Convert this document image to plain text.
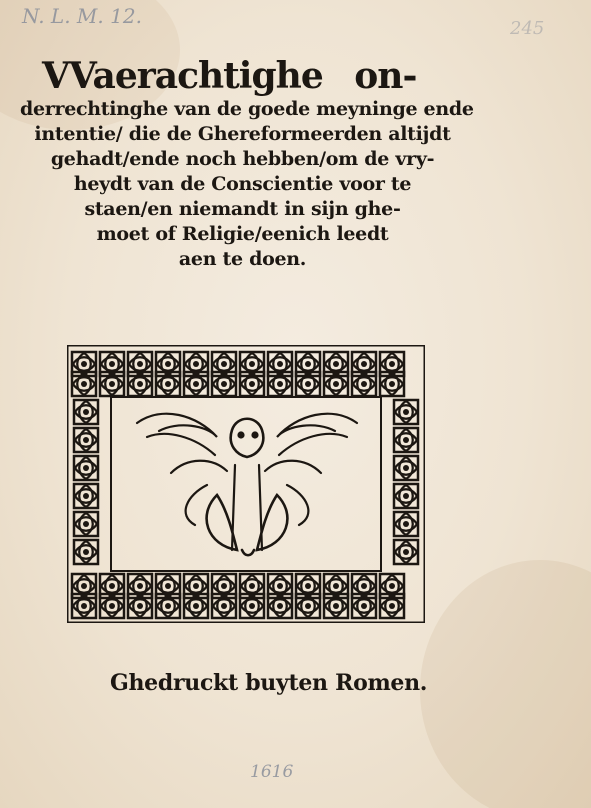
N. L. M. 12.
245
VVaerachtighe on-
derrechtinghe van de goede meyninge ende
intentie/ die de Ghereformeerden altijdt
gehadt/ende noch hebben/om de vry-
heydt van de Conscientie voor te
staen/en niemandt in sijn ghe-
moet of Religie/eenich leedt
aen te doen.
Ghedruckt buyten Romen.
1616
